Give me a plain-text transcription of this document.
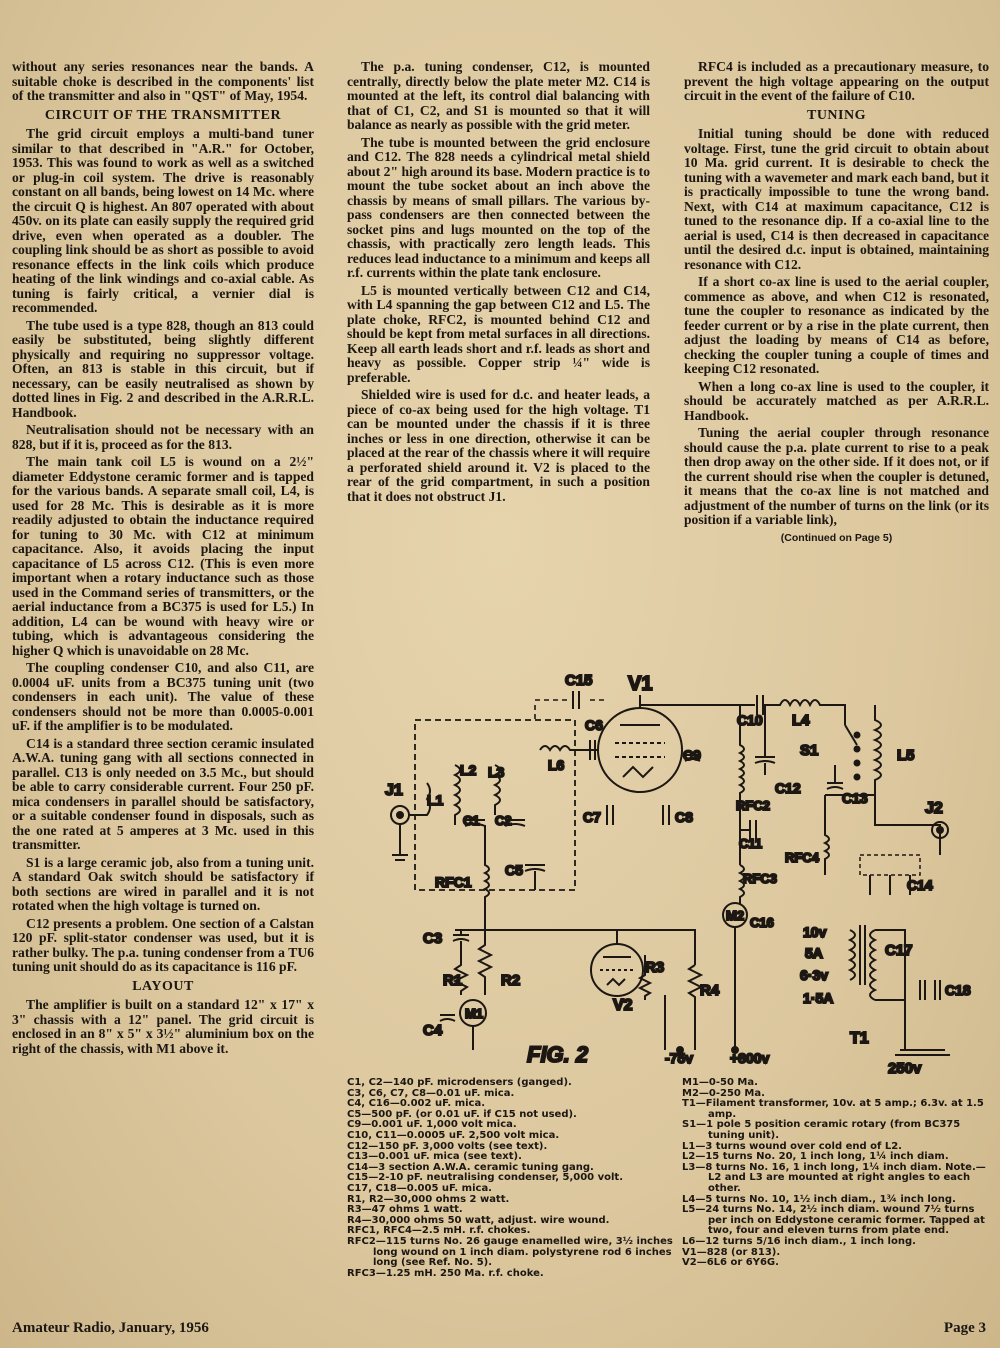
without any series resonances near the bands. A suitable choke is described in the components' list of the transmitter and also in "QST" of May, 1954.

CIRCUIT OF THE TRANSMITTER

The grid circuit employs a multi-band tuner similar to that described in "A.R." for October, 1953. This was found to work as well as a switched or plug-in coil system. The drive is reasonably constant on all bands, being lowest on 14 Mc. where the circuit Q is highest. An 807 operated with about 450v. on its plate can easily supply the required grid drive, even when operated as a doubler. The coupling link should be as short as possible to avoid resonance effects in the link coils which produce heating of the link windings and co-axial cable. As tuning is fairly critical, a vernier dial is recommended.

The tube used is a type 828, though an 813 could easily be substituted, being slightly different physically and requiring no suppressor voltage. Often, an 813 is stable in this circuit, but if necessary, can be easily neutralised as shown by dotted lines in Fig. 2 and described in the A.R.R.L. Handbook.

Neutralisation should not be necessary with an 828, but if it is, proceed as for the 813.

The main tank coil L5 is wound on a 2½" diameter Eddystone ceramic former and is tapped for the various bands. A separate small coil, L4, is used for 28 Mc. This is desirable as it is more readily adjusted to obtain the inductance required for tuning to 30 Mc. with C12 at minimum capacitance. Also, it avoids placing the input capacitance of L5 across C12. (This is even more important when a rotary inductance such as those used in the Command series of transmitters, or the aerial inductance from a BC375 is used for L5.) In addition, L4 can be wound with heavy wire or tubing, which is advantageous considering the higher Q which is unavoidable on 28 Mc.

The coupling condenser C10, and also C11, are 0.0004 uF. units from a BC375 tuning unit (two condensers in each unit). The value of these condensers should not be more than 0.0005-0.001 uF. if the amplifier is to be modulated.

C14 is a standard three section ceramic insulated A.W.A. tuning gang with all sections connected in parallel. C13 is only needed on 3.5 Mc., but should be able to carry considerable current. Four 250 pF. mica condensers in parallel should be satisfactory, or a suitable condenser found in disposals, such as the one rated at 5 amperes at 3 Mc. used in this transmitter.

S1 is a large ceramic job, also from a tuning unit. A standard Oak switch should be satisfactory if both sections are wired in parallel and it is not rotated when the high voltage is turned on.

C12 presents a problem. One section of a Calstan 120 pF. split-stator condenser was used, but it is rather bulky. The p.a. tuning condenser from a TU6 tuning unit should do as its capacitance is 116 pF.

LAYOUT

The amplifier is built on a standard 12" x 17" x 3" chassis with a 12" panel. The grid circuit is enclosed in an 8" x 5" x 3½" aluminium box on the right of the chassis, with M1 above it.

The p.a. tuning condenser, C12, is mounted centrally, directly below the plate meter M2. C14 is mounted at the left, its control dial balancing with that of C1, C2, and S1 is mounted so that it will balance as nearly as possible with the grid meter.

The tube is mounted between the grid enclosure and C12. The 828 needs a cylindrical metal shield about 2" high around its base. Modern practice is to mount the tube socket about an inch above the chassis by means of small pillars. The various by-pass condensers are then connected between the socket pins and lugs mounted on the top of the chassis, with practically zero length leads. This reduces lead inductance to a minimum and keeps all r.f. currents within the plate tank enclosure.

L5 is mounted vertically between C12 and C14, with L4 spanning the gap between C12 and L5. The plate choke, RFC2, is mounted behind C12 and should be kept from metal surfaces in all directions. Keep all earth leads short and r.f. leads as short and heavy as possible. Copper strip ¼" wide is preferable.

Shielded wire is used for d.c. and heater leads, a piece of co-ax being used for the high voltage. T1 can be mounted under the chassis if it is three inches or less in one direction, otherwise it can be placed at the rear of the chassis where it will require a perforated shield around it. V2 is placed to the rear of the grid compartment, in such a position that it does not obstruct J1.

RFC4 is included as a precautionary measure, to prevent the high voltage appearing on the output circuit in the event of the failure of C10.

TUNING

Initial tuning should be done with reduced voltage. First, tune the grid circuit to obtain about 10 Ma. grid current. It is desirable to check the tuning with a wavemeter and mark each band, but it is practically impossible to tune the wrong band. Next, with C14 at maximum capacitance, C12 is tuned to the resonance dip. If a co-axial line to the aerial is used, C14 is then decreased in capacitance until the desired d.c. input is obtained, maintaining resonance with C12.

If a short co-ax line is used to the aerial coupler, commence as above, and when C12 is resonated, tune the coupler to resonance as indicated by the feeder current or by a rise in the plate current, then adjust the loading by means of C14 as before, checking the coupler tuning a couple of times and keeping C12 resonated.

When a long co-ax line is used to the coupler, it should be accurately matched as per A.R.R.L. Handbook.

Tuning the aerial coupler through resonance should cause the p.a. plate current to rise to a peak then drop away on the other side. If it does not, or if the current should rise when the coupler is detuned, it means that the co-ax line is not matched and adjustment of the number of turns on the link (or its position if a variable link),

(Continued on Page 5)
C15 V1
C6	C10 L4
C9	S1	L5
C12
C13
J1
J2
L1
L2 L3	L6
C1 C2	C7	C8
RFC2
C11
RFC4
C14
C5
RFC1	RFC3
M2 C16
C3
R1	R2
R3
V2
R4
M1
C4
10v
5A
6·3v
1·5A
C17
C18
T1
-75v	+800v
250v
FIG. 2
C1, C2—140 pF. microdensers (ganged).
C3, C6, C7, C8—0.01 uF. mica.
C4, C16—0.002 uF. mica.
C5—500 pF. (or 0.01 uF. if C15 not used).
C9—0.001 uF. 1,000 volt mica.
C10, C11—0.0005 uF. 2,500 volt mica.
C12—150 pF. 3,000 volts (see text).
C13—0.001 uF. mica (see text).
C14—3 section A.W.A. ceramic tuning gang.
C15—2-10 pF. neutralising condenser, 5,000 volt.
C17, C18—0.005 uF. mica.
R1, R2—30,000 ohms 2 watt.
R3—47 ohms 1 watt.
R4—30,000 ohms 50 watt, adjust. wire wound.
RFC1, RFC4—2.5 mH. r.f. chokes.
RFC2—115 turns No. 26 gauge enamelled wire, 3½ inches long wound on 1 inch diam. polystyrene rod 6 inches long (see Ref. No. 5).
RFC3—1.25 mH. 250 Ma. r.f. choke.
M1—0-50 Ma.
M2—0-250 Ma.
T1—Filament transformer, 10v. at 5 amp.; 6.3v. at 1.5 amp.
S1—1 pole 5 position ceramic rotary (from BC375 tuning unit).
L1—3 turns wound over cold end of L2.
L2—15 turns No. 20, 1 inch long, 1¼ inch diam.
L3—8 turns No. 16, 1 inch long, 1¼ inch diam. Note.—L2 and L3 are mounted at right angles to each other.
L4—5 turns No. 10, 1½ inch diam., 1¾ inch long.
L5—24 turns No. 14, 2½ inch diam. wound 7½ turns per inch on Eddystone ceramic former. Tapped at two, four and eleven turns from plate end.
L6—12 turns 5/16 inch diam., 1 inch long.
V1—828 (or 813).
V2—6L6 or 6Y6G.
Amateur Radio, January, 1956	Page 3
